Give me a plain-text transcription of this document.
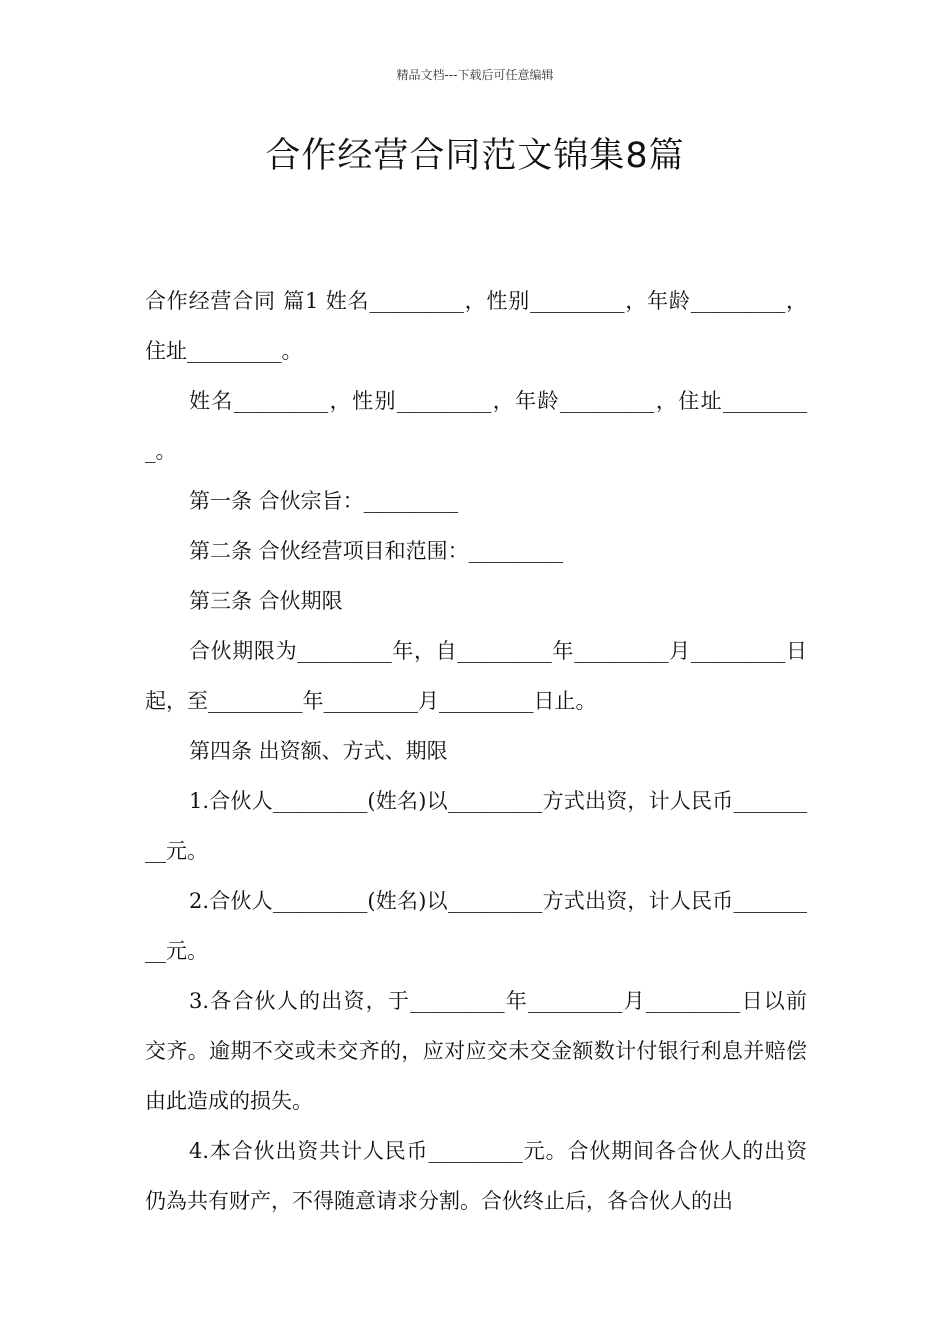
精品文档---下载后可任意编辑
合作经营合同范文锦集8篇

合作经营合同 篇1 姓名_________，性别_________，年龄_________，住址_________。

姓名_________，性别_________，年龄_________，住址_________。

第一条 合伙宗旨：_________

第二条 合伙经营项目和范围：_________

第三条 合伙期限

合伙期限为_________年，自_________年_________月_________日起，至_________年_________月_________日止。

第四条 出资额、方式、期限

1.合伙人_________(姓名)以_________方式出资，计人民币_________元。

2.合伙人_________(姓名)以_________方式出资，计人民币_________元。

3.各合伙人的出资，于_________年_________月_________日以前交齐。逾期不交或未交齐的，应对应交未交金额数计付银行利息并赔偿由此造成的损失。

4.本合伙出资共计人民币_________元。合伙期间各合伙人的出资仍為共有财产，不得随意请求分割。合伙终止后，各合伙人的出
